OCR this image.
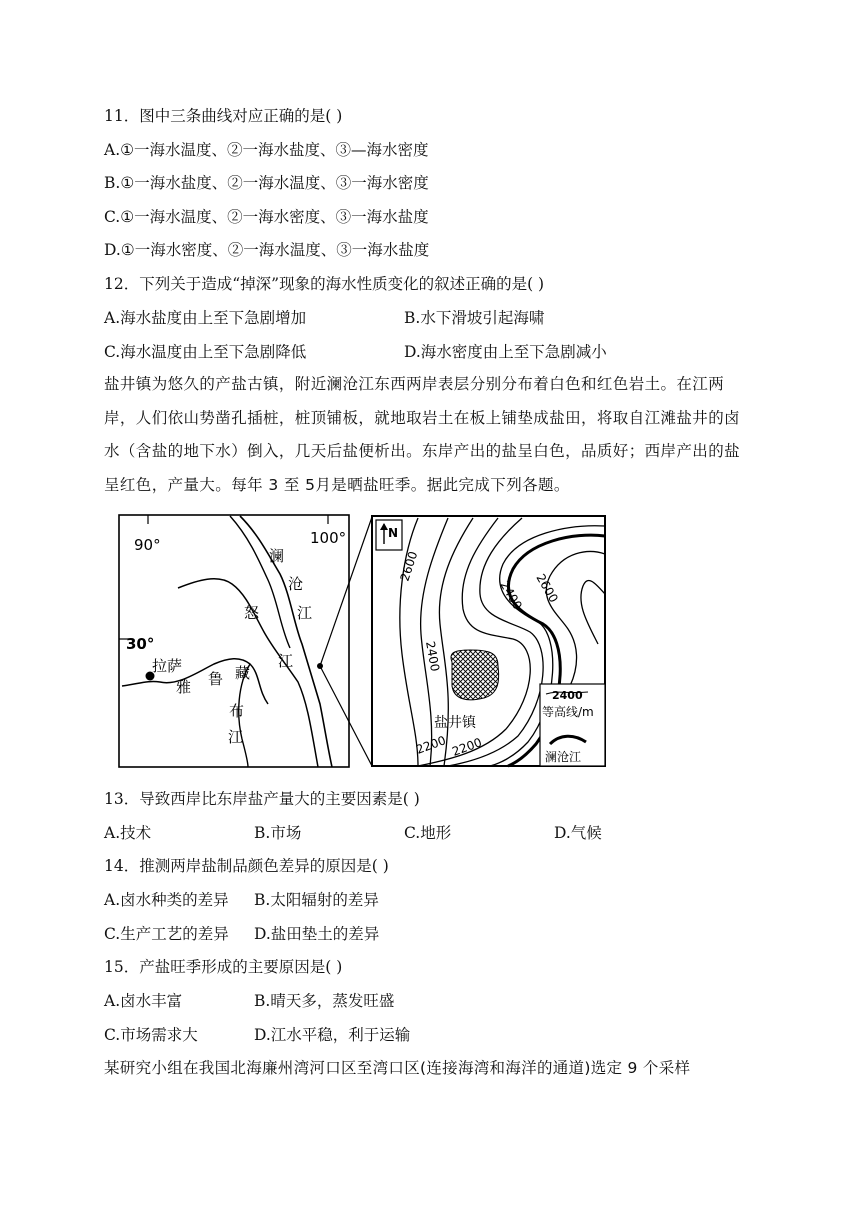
11．图中三条曲线对应正确的是( )
A.①一海水温度、②一海水盐度、③—海水密度
B.①一海水盐度、②一海水温度、③一海水密度
C.①一海水温度、②一海水密度、③一海水盐度
D.①一海水密度、②一海水温度、③一海水盐度
12．下列关于造成“掉深”现象的海水性质变化的叙述正确的是( )
A.海水盐度由上至下急剧增加	B.水下滑坡引起海啸
C.海水温度由上至下急剧降低	D.海水密度由上至下急剧减小
盐井镇为悠久的产盐古镇，附近澜沧江东西两岸表层分别分布着白色和红色岩土。在江两岸，人们依山势凿孔插桩，桩顶铺板，就地取岩土在板上铺垫成盐田，将取自江滩盐井的卤水（含盐的地下水）倒入，几天后盐便析出。东岸产出的盐呈白色，品质好；西岸产出的盐呈红色，产量大。每年 3 至 5月是晒盐旺季。据此完成下列各题。
90°	100°
30°
拉萨
澜
沧
江
怒
江
雅 鲁 藏
布
江
N
2600
2400
2400 2600
2200 2200
盐井镇
2400
等高线/m
澜沧江
13．导致西岸比东岸盐产量大的主要因素是( )
A.技术	B.市场	C.地形	D.气候
14．推测两岸盐制品颜色差异的原因是( )
A.卤水种类的差异 B.太阳辐射的差异
C.生产工艺的差异 D.盐田垫土的差异
15．产盐旺季形成的主要原因是( )
A.卤水丰富	B.晴天多，蒸发旺盛
C.市场需求大	D.江水平稳，利于运输
某研究小组在我国北海廉州湾河口区至湾口区(连接海湾和海洋的通道)选定 9 个采样
